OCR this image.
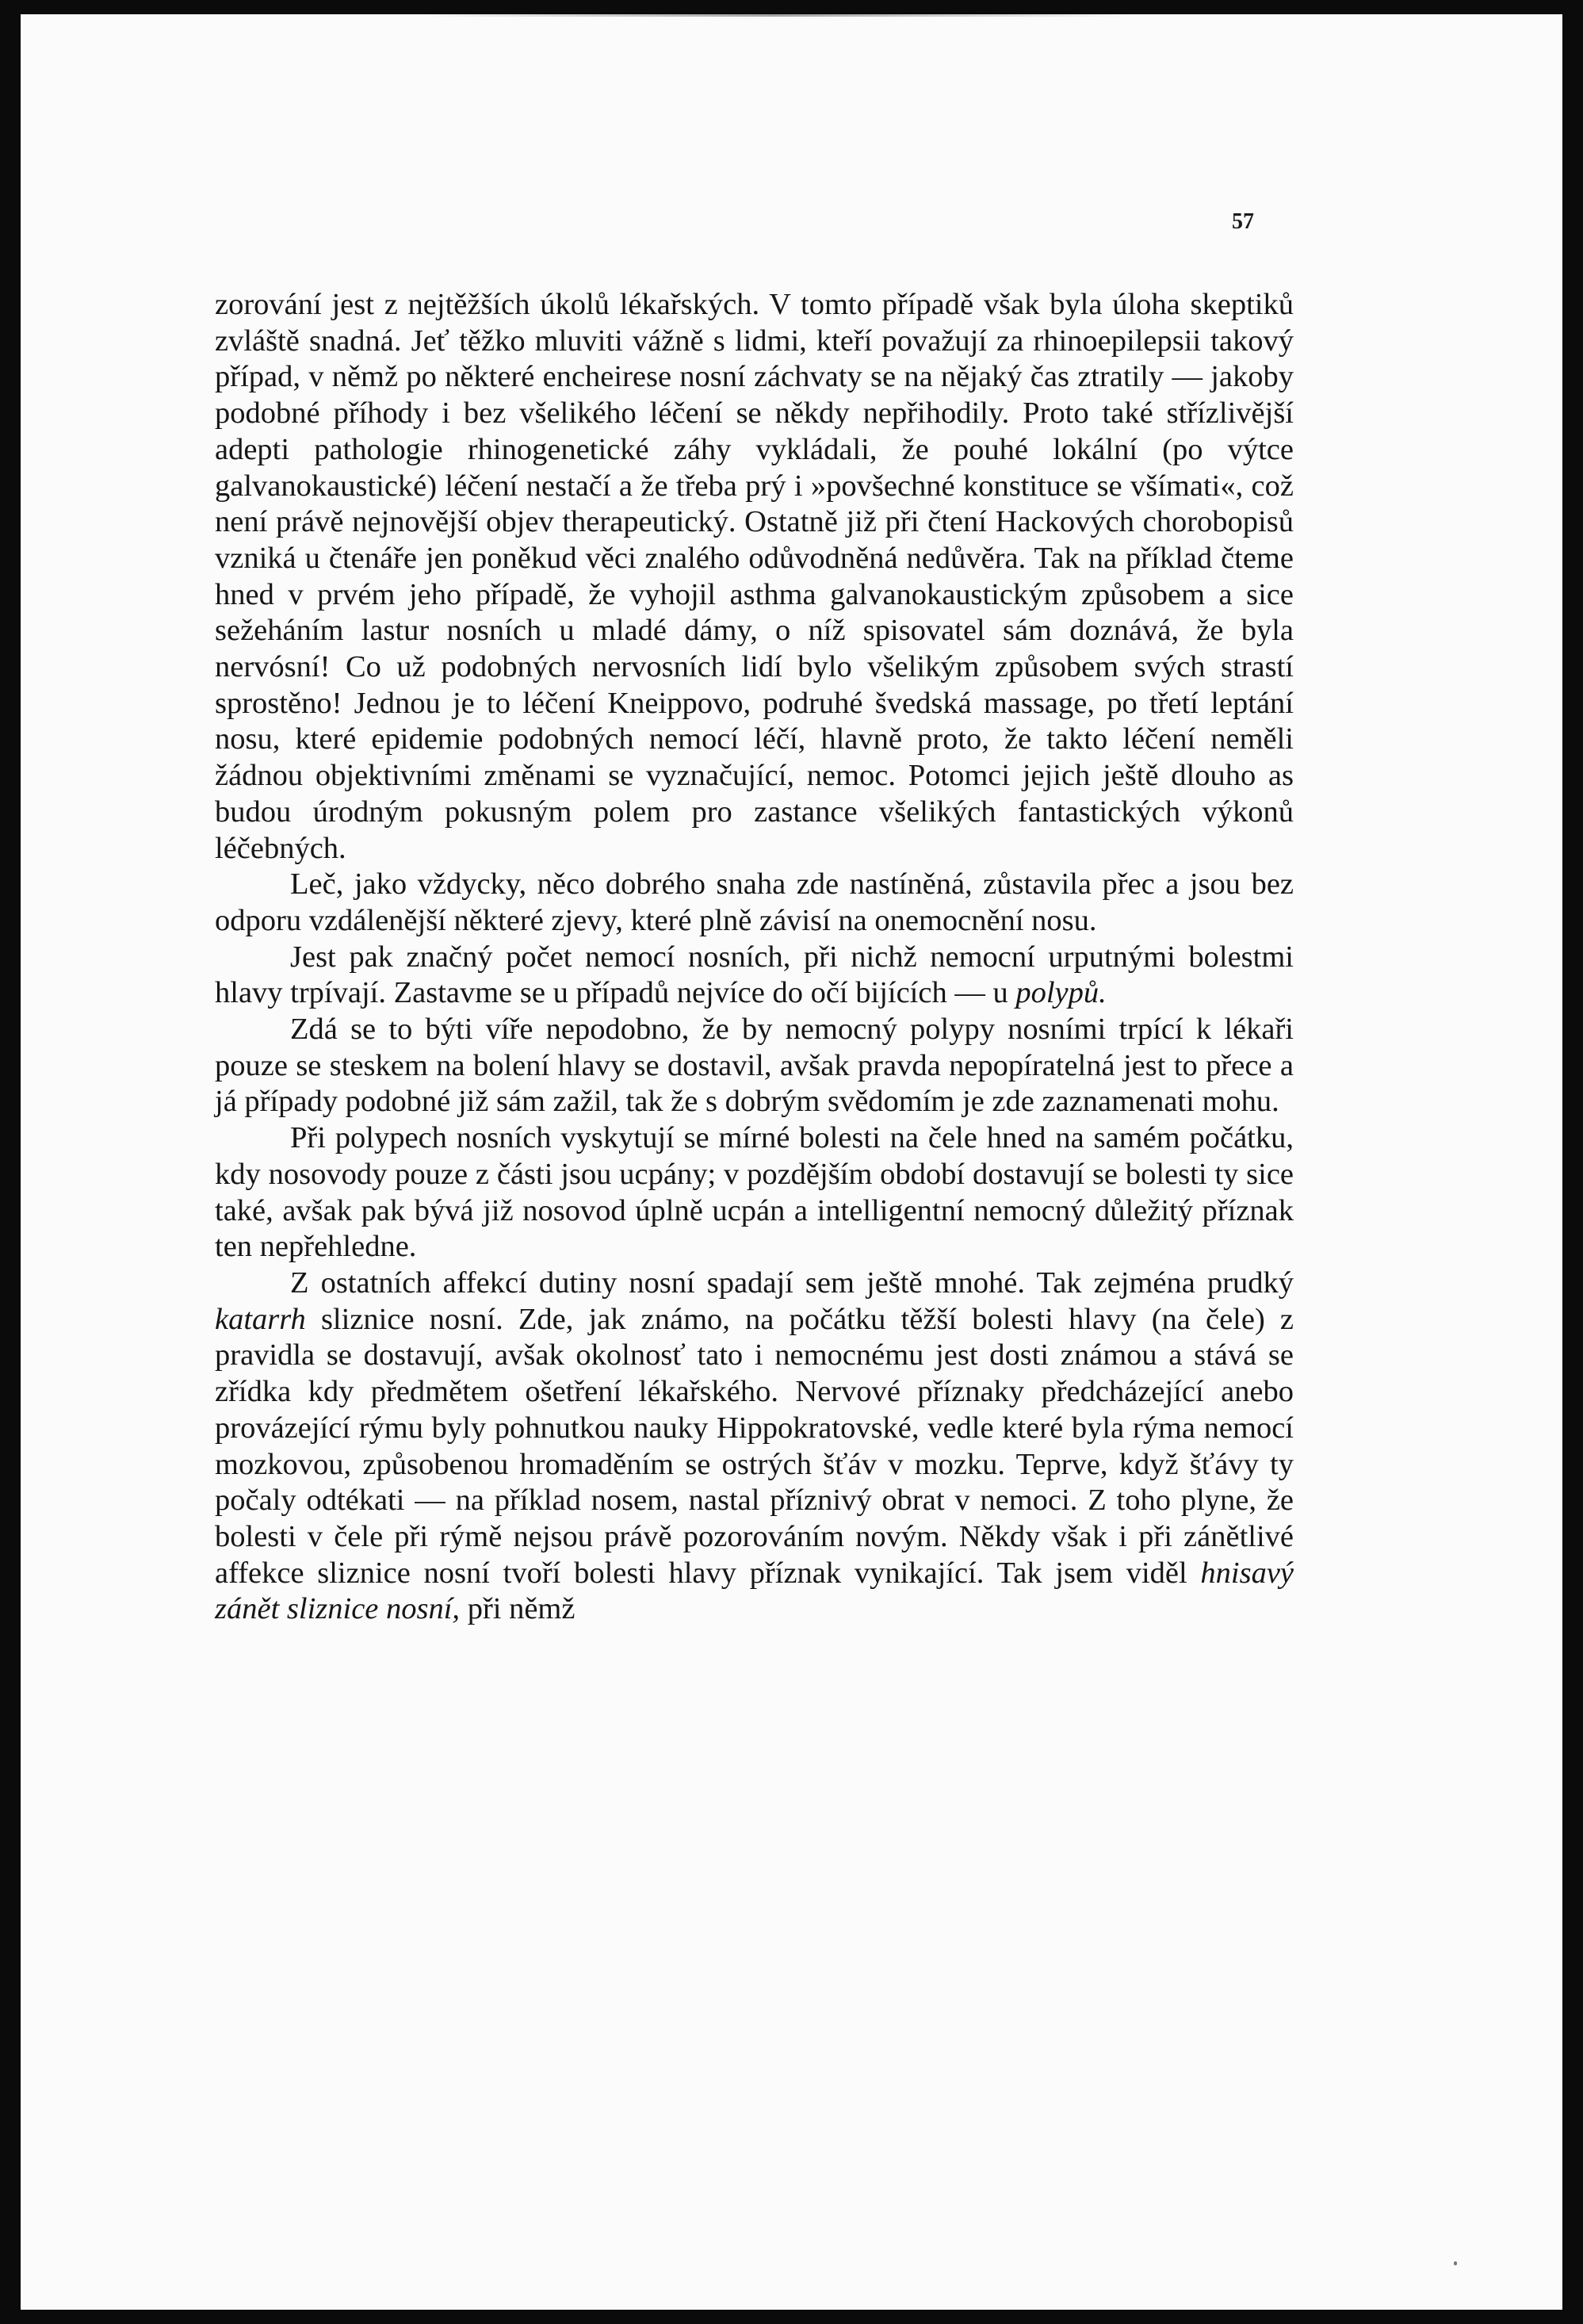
57

zorování jest z nejtěžších úkolů lékařských. V tomto případě však byla úloha skeptiků zvláště snadná. Jeť těžko mluviti vážně s lidmi, kteří považují za rhinoepilepsii takový případ, v němž po některé encheirese nosní záchvaty se na nějaký čas ztratily — jakoby podobné příhody i bez všelikého léčení se někdy nepřihodily. Proto také střízlivější adepti pathologie rhinogenetické záhy vykládali, že pouhé lokální (po výtce galvanokaustické) léčení nestačí a že třeba prý i »povšechné konstituce se všímati«, což není právě nejnovější objev therapeutický. Ostatně již při čtení Hackových chorobopisů vzniká u čtenáře jen poněkud věci znalého odůvodněná nedůvěra. Tak na příklad čteme hned v prvém jeho případě, že vyhojil asthma galvanokaustickým způsobem a sice sežeháním lastur nosních u mladé dámy, o níž spisovatel sám doznává, že byla nervósní! Co už podobných nervosních lidí bylo všelikým způsobem svých strastí sprostěno! Jednou je to léčení Kneippovo, podruhé švedská massage, po třetí leptání nosu, které epidemie podobných nemocí léčí, hlavně proto, že takto léčení neměli žádnou objektivními změnami se vyznačující, nemoc. Potomci jejich ještě dlouho as budou úrodným pokusným polem pro zastance všelikých fantastických výkonů léčebných.

Leč, jako vždycky, něco dobrého snaha zde nastíněná, zůstavila přec a jsou bez odporu vzdálenější některé zjevy, které plně závisí na onemocnění nosu.

Jest pak značný počet nemocí nosních, při nichž nemocní urputnými bolestmi hlavy trpívají. Zastavme se u případů nejvíce do očí bijících — u polypů.

Zdá se to býti víře nepodobno, že by nemocný polypy nosními trpící k lékaři pouze se steskem na bolení hlavy se dostavil, avšak pravda nepopíratelná jest to přece a já případy podobné již sám zažil, tak že s dobrým svědomím je zde zaznamenati mohu.

Při polypech nosních vyskytují se mírné bolesti na čele hned na samém počátku, kdy nosovody pouze z části jsou ucpány; v pozdějším období dostavují se bolesti ty sice také, avšak pak bývá již nosovod úplně ucpán a intelligentní nemocný důležitý příznak ten nepřehledne.

Z ostatních affekcí dutiny nosní spadají sem ještě mnohé. Tak zejména prudký katarrh sliznice nosní. Zde, jak známo, na počátku těžší bolesti hlavy (na čele) z pravidla se dostavují, avšak okolnosť tato i nemocnému jest dosti známou a stává se zřídka kdy předmětem ošetření lékařského. Nervové příznaky předcházející anebo provázející rýmu byly pohnutkou nauky Hippokratovské, vedle které byla rýma nemocí mozkovou, způsobenou hromaděním se ostrých šťáv v mozku. Teprve, když šťávy ty počaly odtékati — na příklad nosem, nastal příznivý obrat v nemoci. Z toho plyne, že bolesti v čele při rýmě nejsou právě pozorováním novým. Někdy však i při zánětlivé affekce sliznice nosní tvoří bolesti hlavy příznak vynikající. Tak jsem viděl hnisavý zánět sliznice nosní, při němž
